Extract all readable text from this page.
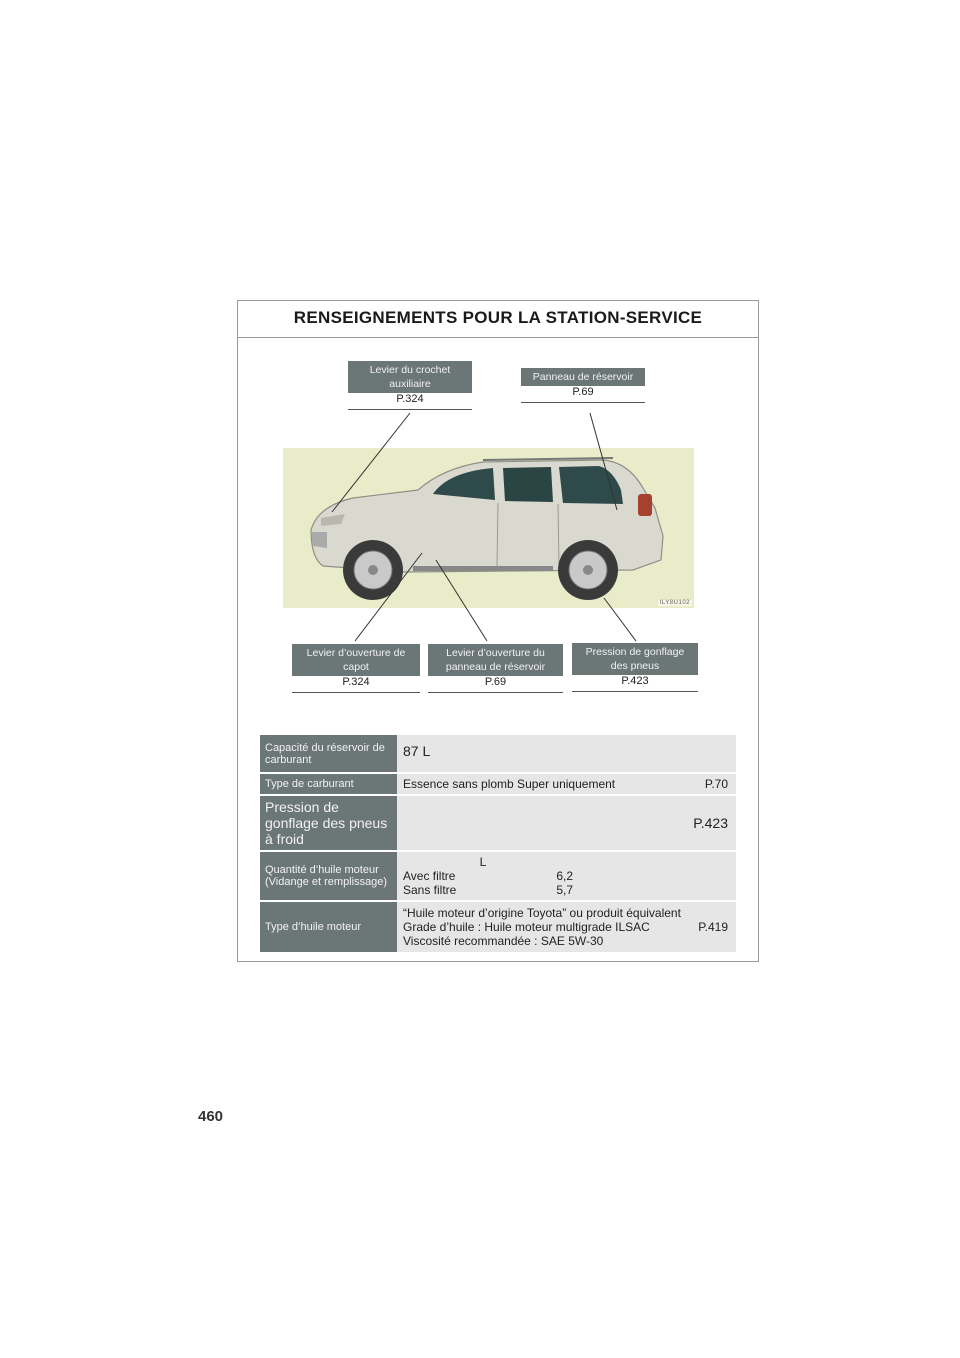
RENSEIGNEMENTS POUR LA STATION-SERVICE
Levier du crochet auxiliaire
P.324
Panneau de réservoir
P.69
ILY8U102
Levier d’ouverture de capot
P.324
Levier d’ouverture du panneau de réservoir
P.69
Pression de gonflage des pneus
P.423
Capacité du réservoir de carburant	87 L
Type de carburant	Essence sans plomb Super uniquement P.70

Pression de gonflage des pneus à froid	P.423
Quantité d’huile moteur (Vidange et remplissage)	L
Avec filtre 6,2
Sans filtre 5,7

Type d’huile moteur	“Huile moteur d’origine Toyota” ou produit équivalent
Grade d’huile : Huile moteur multigrade ILSAC P.419
Viscosité recommandée : SAE 5W-30
460
